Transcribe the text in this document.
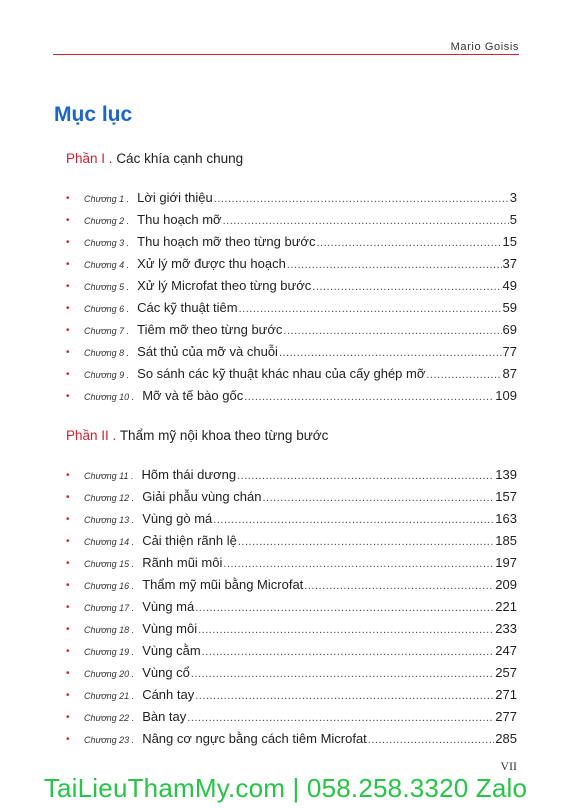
Mario Goisis
Mục lục
Phần I . Các khía cạnh chung
•	Chương 1 . Lời giới thiệu .....	3
•	Chương 2 . Thu hoạch mỡ .....	5
•	Chương 3 . Thu hoạch mỡ theo từng bước .....	15
•	Chương 4 . Xử lý mỡ được thu hoạch .....	37
•	Chương 5 . Xử lý Microfat theo từng bước .....	49
•	Chương 6 . Các kỹ thuật tiêm .....	59
•	Chương 7 . Tiêm mỡ theo từng bước .....	69
•	Chương 8 . Sát thủ của mỡ và chuỗi .....	77
•	Chương 9 . So sánh các kỹ thuật khác nhau của cấy ghép mỡ .....	87
•	Chương 10 . Mỡ và tế bào gốc .....	109
Phần II . Thẩm mỹ nội khoa theo từng bước
•	Chương 11 . Hõm thái dương .....	139
•	Chương 12 . Giải phẫu vùng chán .....	157
•	Chương 13 . Vùng gò má .....	163
•	Chương 14 . Cải thiện rãnh lệ .....	185
•	Chương 15 . Rãnh mũi môi .....	197
•	Chương 16 . Thẩm mỹ mũi bằng Microfat .....	209
•	Chương 17 . Vùng má .....	221
•	Chương 18 . Vùng môi .....	233
•	Chương 19 . Vùng cằm .....	247
•	Chương 20 . Vùng cổ .....	257
•	Chương 21 . Cánh tay .....	271
•	Chương 22 . Bàn tay .....	277
•	Chương 23 . Nâng cơ ngực bằng cách tiêm Microfat .....	285
VII
TaiLieuThamMy.com | 058.258.3320 Zalo
